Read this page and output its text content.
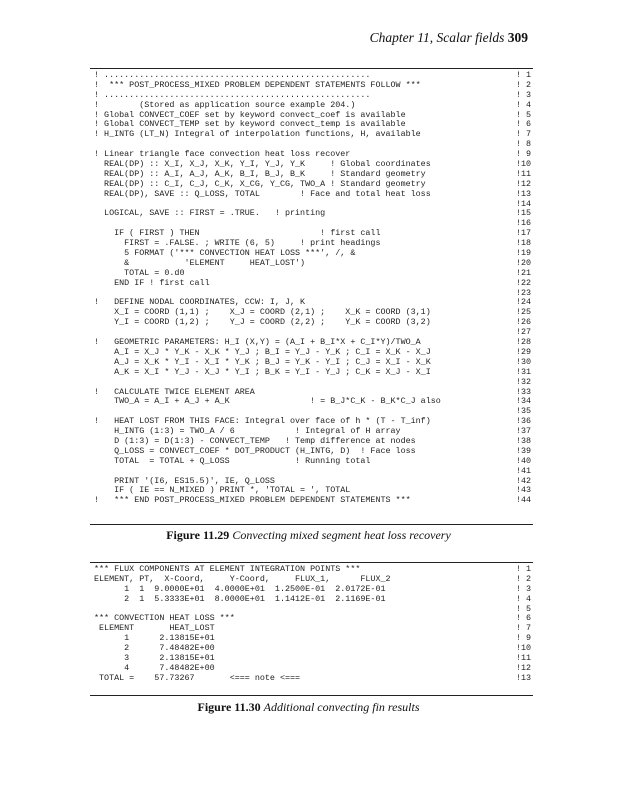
Chapter 11, Scalar fields 309
! .....................................................	! 1
!  *** POST_PROCESS_MIXED PROBLEM DEPENDENT STATEMENTS FOLLOW ***	! 2
! .....................................................	! 3
!        (Stored as application source example 204.)	! 4
! Global CONVECT_COEF set by keyword convect_coef is available	! 5
! Global CONVECT_TEMP set by keyword convect_temp is available	! 6
! H_INTG (LT_N) Integral of interpolation functions, H, available	! 7
! 8
! Linear triangle face convection heat loss recover	! 9
REAL(DP) :: X_I, X_J, X_K, Y_I, Y_J, Y_K     ! Global coordinates	!10
REAL(DP) :: A_I, A_J, A_K, B_I, B_J, B_K     ! Standard geometry	!11
REAL(DP) :: C_I, C_J, C_K, X_CG, Y_CG, TWO_A ! Standard geometry	!12
REAL(DP), SAVE :: Q_LOSS, TOTAL        ! Face and total heat loss	!13
!14
LOGICAL, SAVE :: FIRST = .TRUE.   ! printing	!15
!16
IF ( FIRST ) THEN                        ! first call	!17
FIRST = .FALSE. ; WRITE (6, 5)     ! print headings	!18
5 FORMAT ('*** CONVECTION HEAT LOSS ***', /, &	!19
&           'ELEMENT     HEAT_LOST')	!20
TOTAL = 0.d0	!21
END IF ! first call	!22
!23
!   DEFINE NODAL COORDINATES, CCW: I, J, K	!24
X_I = COORD (1,1) ;    X_J = COORD (2,1) ;    X_K = COORD (3,1)	!25
Y_I = COORD (1,2) ;    Y_J = COORD (2,2) ;    Y_K = COORD (3,2)	!26
!27
!   GEOMETRIC PARAMETERS: H_I (X,Y) = (A_I + B_I*X + C_I*Y)/TWO_A	!28
A_I = X_J * Y_K - X_K * Y_J ; B_I = Y_J - Y_K ; C_I = X_K - X_J	!29
A_J = X_K * Y_I - X_I * Y_K ; B_J = Y_K - Y_I ; C_J = X_I - X_K	!30
A_K = X_I * Y_J - X_J * Y_I ; B_K = Y_I - Y_J ; C_K = X_J - X_I	!31
!32
!   CALCULATE TWICE ELEMENT AREA	!33
TWO_A = A_I + A_J + A_K                ! = B_J*C_K - B_K*C_J also	!34
!35
!   HEAT LOST FROM THIS FACE: Integral over face of h * (T - T_inf)	!36
H_INTG (1:3) = TWO_A / 6            ! Integral of H array	!37
D (1:3) = D(1:3) - CONVECT_TEMP   ! Temp difference at nodes	!38
Q_LOSS = CONVECT_COEF * DOT_PRODUCT (H_INTG, D)  ! Face loss	!39
TOTAL  = TOTAL + Q_LOSS             ! Running total	!40
!41
PRINT '(I6, ES15.5)', IE, Q_LOSS	!42
IF ( IE == N_MIXED ) PRINT *, 'TOTAL = ', TOTAL	!43
!   *** END POST_PROCESS_MIXED PROBLEM DEPENDENT STATEMENTS ***	!44
Figure 11.29 Convecting mixed segment heat loss recovery
*** FLUX COMPONENTS AT ELEMENT INTEGRATION POINTS ***	! 1
ELEMENT, PT,  X-Coord,     Y-Coord,     FLUX_1,      FLUX_2	! 2
1  1  9.0000E+01  4.0000E+01  1.2500E-01  2.0172E-01	! 3
2  1  5.3333E+01  8.0000E+01  1.1412E-01  2.1169E-01	! 4
! 5
*** CONVECTION HEAT LOSS ***	! 6
ELEMENT       HEAT_LOST	! 7
1      2.13815E+01	! 9
2      7.48482E+00	!10
3      2.13815E+01	!11
4      7.48482E+00	!12
TOTAL =    57.73267       <=== note <===	!13
Figure 11.30 Additional convecting fin results
